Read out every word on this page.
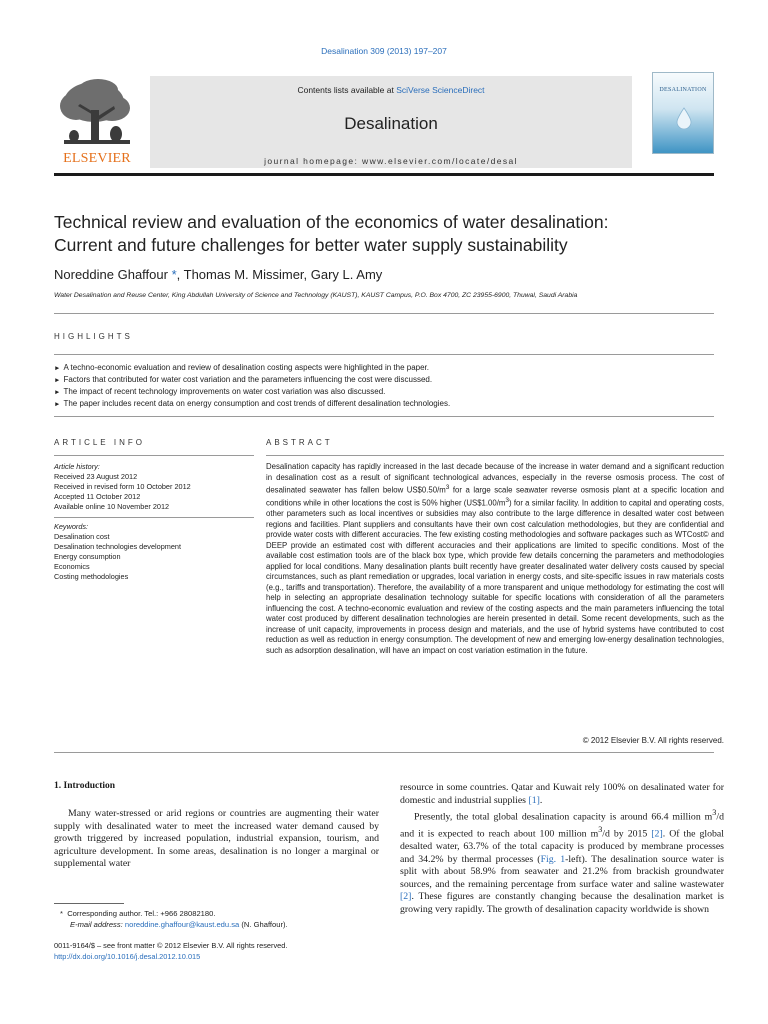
Desalination 309 (2013) 197–207
ELSEVIER
Contents lists available at SciVerse ScienceDirect
Desalination
journal homepage: www.elsevier.com/locate/desal
DESALINATION
Technical review and evaluation of the economics of water desalination:
Current and future challenges for better water supply sustainability
Noreddine Ghaffour *, Thomas M. Missimer, Gary L. Amy
Water Desalination and Reuse Center, King Abdullah University of Science and Technology (KAUST), KAUST Campus, P.O. Box 4700, ZC 23955-6900, Thuwal, Saudi Arabia
HIGHLIGHTS
► A techno-economic evaluation and review of desalination costing aspects were highlighted in the paper.
► Factors that contributed for water cost variation and the parameters influencing the cost were discussed.
► The impact of recent technology improvements on water cost variation was also discussed.
► The paper includes recent data on energy consumption and cost trends of different desalination technologies.
ARTICLE INFO	ABSTRACT
Article history:
Received 23 August 2012
Received in revised form 10 October 2012
Accepted 11 October 2012
Available online 10 November 2012
Keywords:
Desalination cost
Desalination technologies development
Energy consumption
Economics
Costing methodologies
Desalination capacity has rapidly increased in the last decade because of the increase in water demand and a significant reduction in desalination cost as a result of significant technological advances, especially in the reverse osmosis process. The cost of desalinated seawater has fallen below $US\$0.50/m^3$ for a large scale seawater reverse osmosis plant at a specific location and conditions while in other locations the cost is 50% higher $(US\$1.00/m^3)$ for a similar facility. In addition to capital and operating costs, other parameters such as local incentives or subsidies may also contribute to the large difference in desalted water cost between regions and facilities. Plant suppliers and consultants have their own cost calculation methodologies, but they are confidential and provide water costs with different accuracies. The few existing costing methodologies and software packages such as WTCost© and DEEP provide an estimated cost with different accuracies and their applications are limited to specific conditions. Most of the available cost estimation tools are of the black box type, which provide few details concerning the parameters and methodologies applied for local conditions. Many desalination plants built recently have greater desalinated water delivery costs caused by special circumstances, such as plant remediation or upgrades, local variation in energy costs, and site-specific issues in raw materials costs (e.g., tariffs and transportation). Therefore, the availability of a more transparent and unique methodology for estimating the cost will help in selecting an appropriate desalination technology suitable for specific locations with consideration of all the parameters influencing the cost. A techno-economic evaluation and review of the costing aspects and the main parameters influencing the total water cost produced by different desalination technologies are herein presented in detail. Some recent developments, such as the increase of unit capacity, improvements in process design and materials, and the use of hybrid systems have contributed to cost reduction as well as reduction in energy consumption. The development of new and emerging low-energy desalination technologies, such as adsorption desalination, will have an impact on cost variation estimation in the future.
© 2012 Elsevier B.V. All rights reserved.
1. Introduction
Many water-stressed or arid regions or countries are augmenting their water supply with desalinated water to meet the increased water demand caused by growth triggered by increased population, industrial expansion, tourism, and agriculture development. In some areas, desalination is no longer a marginal or supplemental water

resource in some countries. Qatar and Kuwait rely 100% on desalinated water for domestic and industrial supplies [1].

Presently, the total global desalination capacity is around 66.4 million $m^3/d$ and it is expected to reach about 100 million $m^3/d$ by 2015 [2]. Of the global desalted water, 63.7% of the total capacity is produced by membrane processes and 34.2% by thermal processes (Fig. 1-left). The desalination source water is split with about 58.9% from seawater and 21.2% from brackish groundwater sources, and the remaining percentage from surface water and saline wastewater [2]. These figures are constantly changing because the desalination market is growing very rapidly. The growth of desalination capacity worldwide is shown

*  Corresponding author. Tel.: +966 28082180.
E-mail address: noreddine.ghaffour@kaust.edu.sa (N. Ghaffour).
0011-9164/$ – see front matter © 2012 Elsevier B.V. All rights reserved.
http://dx.doi.org/10.1016/j.desal.2012.10.015
